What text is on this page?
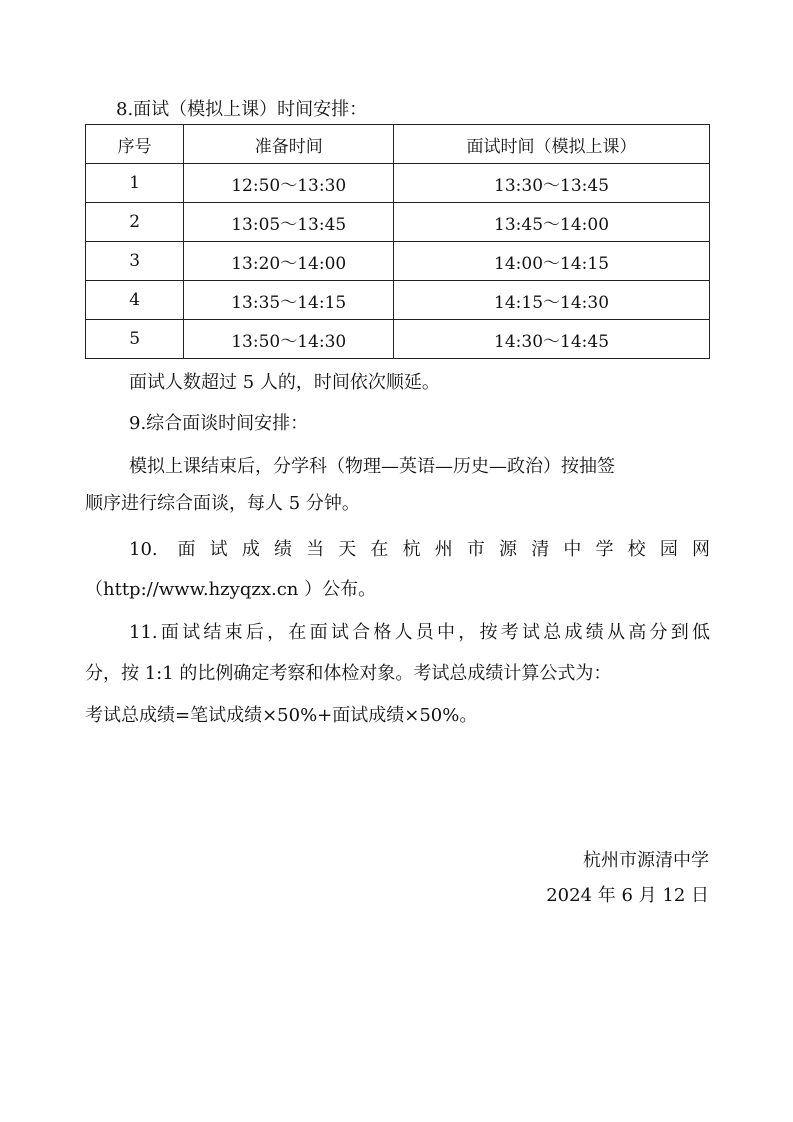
8.面试（模拟上课）时间安排：
序号	准备时间	面试时间（模拟上课）
1	12:50～13:30	13:30～13:45
2	13:05～13:45	13:45～14:00
3	13:20～14:00	14:00～14:15
4	13:35～14:15	14:15～14:30
5	13:50～14:30	14:30～14:45
面试人数超过 5 人的，时间依次顺延。
9.综合面谈时间安排：
模拟上课结束后，分学科（物理—英语—历史—政治）按抽签
顺序进行综合面谈，每人 5 分钟。
10. 面试成绩当天在杭州市源清中学校园网
（http://www.hzyqzx.cn ）公布。
11.面试结束后，在面试合格人员中，按考试总成绩从高分到低
分，按 1:1 的比例确定考察和体检对象。考试总成绩计算公式为：
考试总成绩=笔试成绩×50%+面试成绩×50%。
杭州市源清中学
2024 年 6 月 12 日
